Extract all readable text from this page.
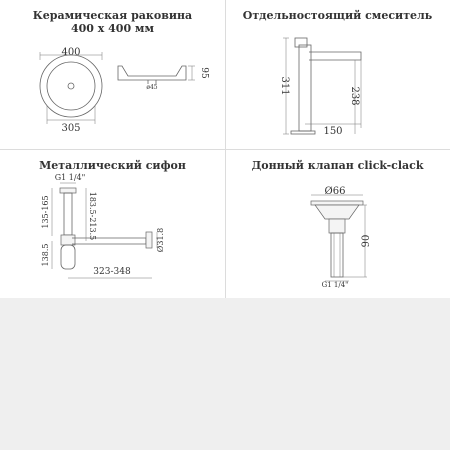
Керамическая раковина
400 х 400 мм
400
305
95
ø45
Отдельностоящий смеситель
311
238
150
Металлический сифон
G1 1/4"
135-165
138.5
183.5-213.5
323-348
Ø31.8
Донный клапан click-clack
Ø66
90
G1 1/4"
